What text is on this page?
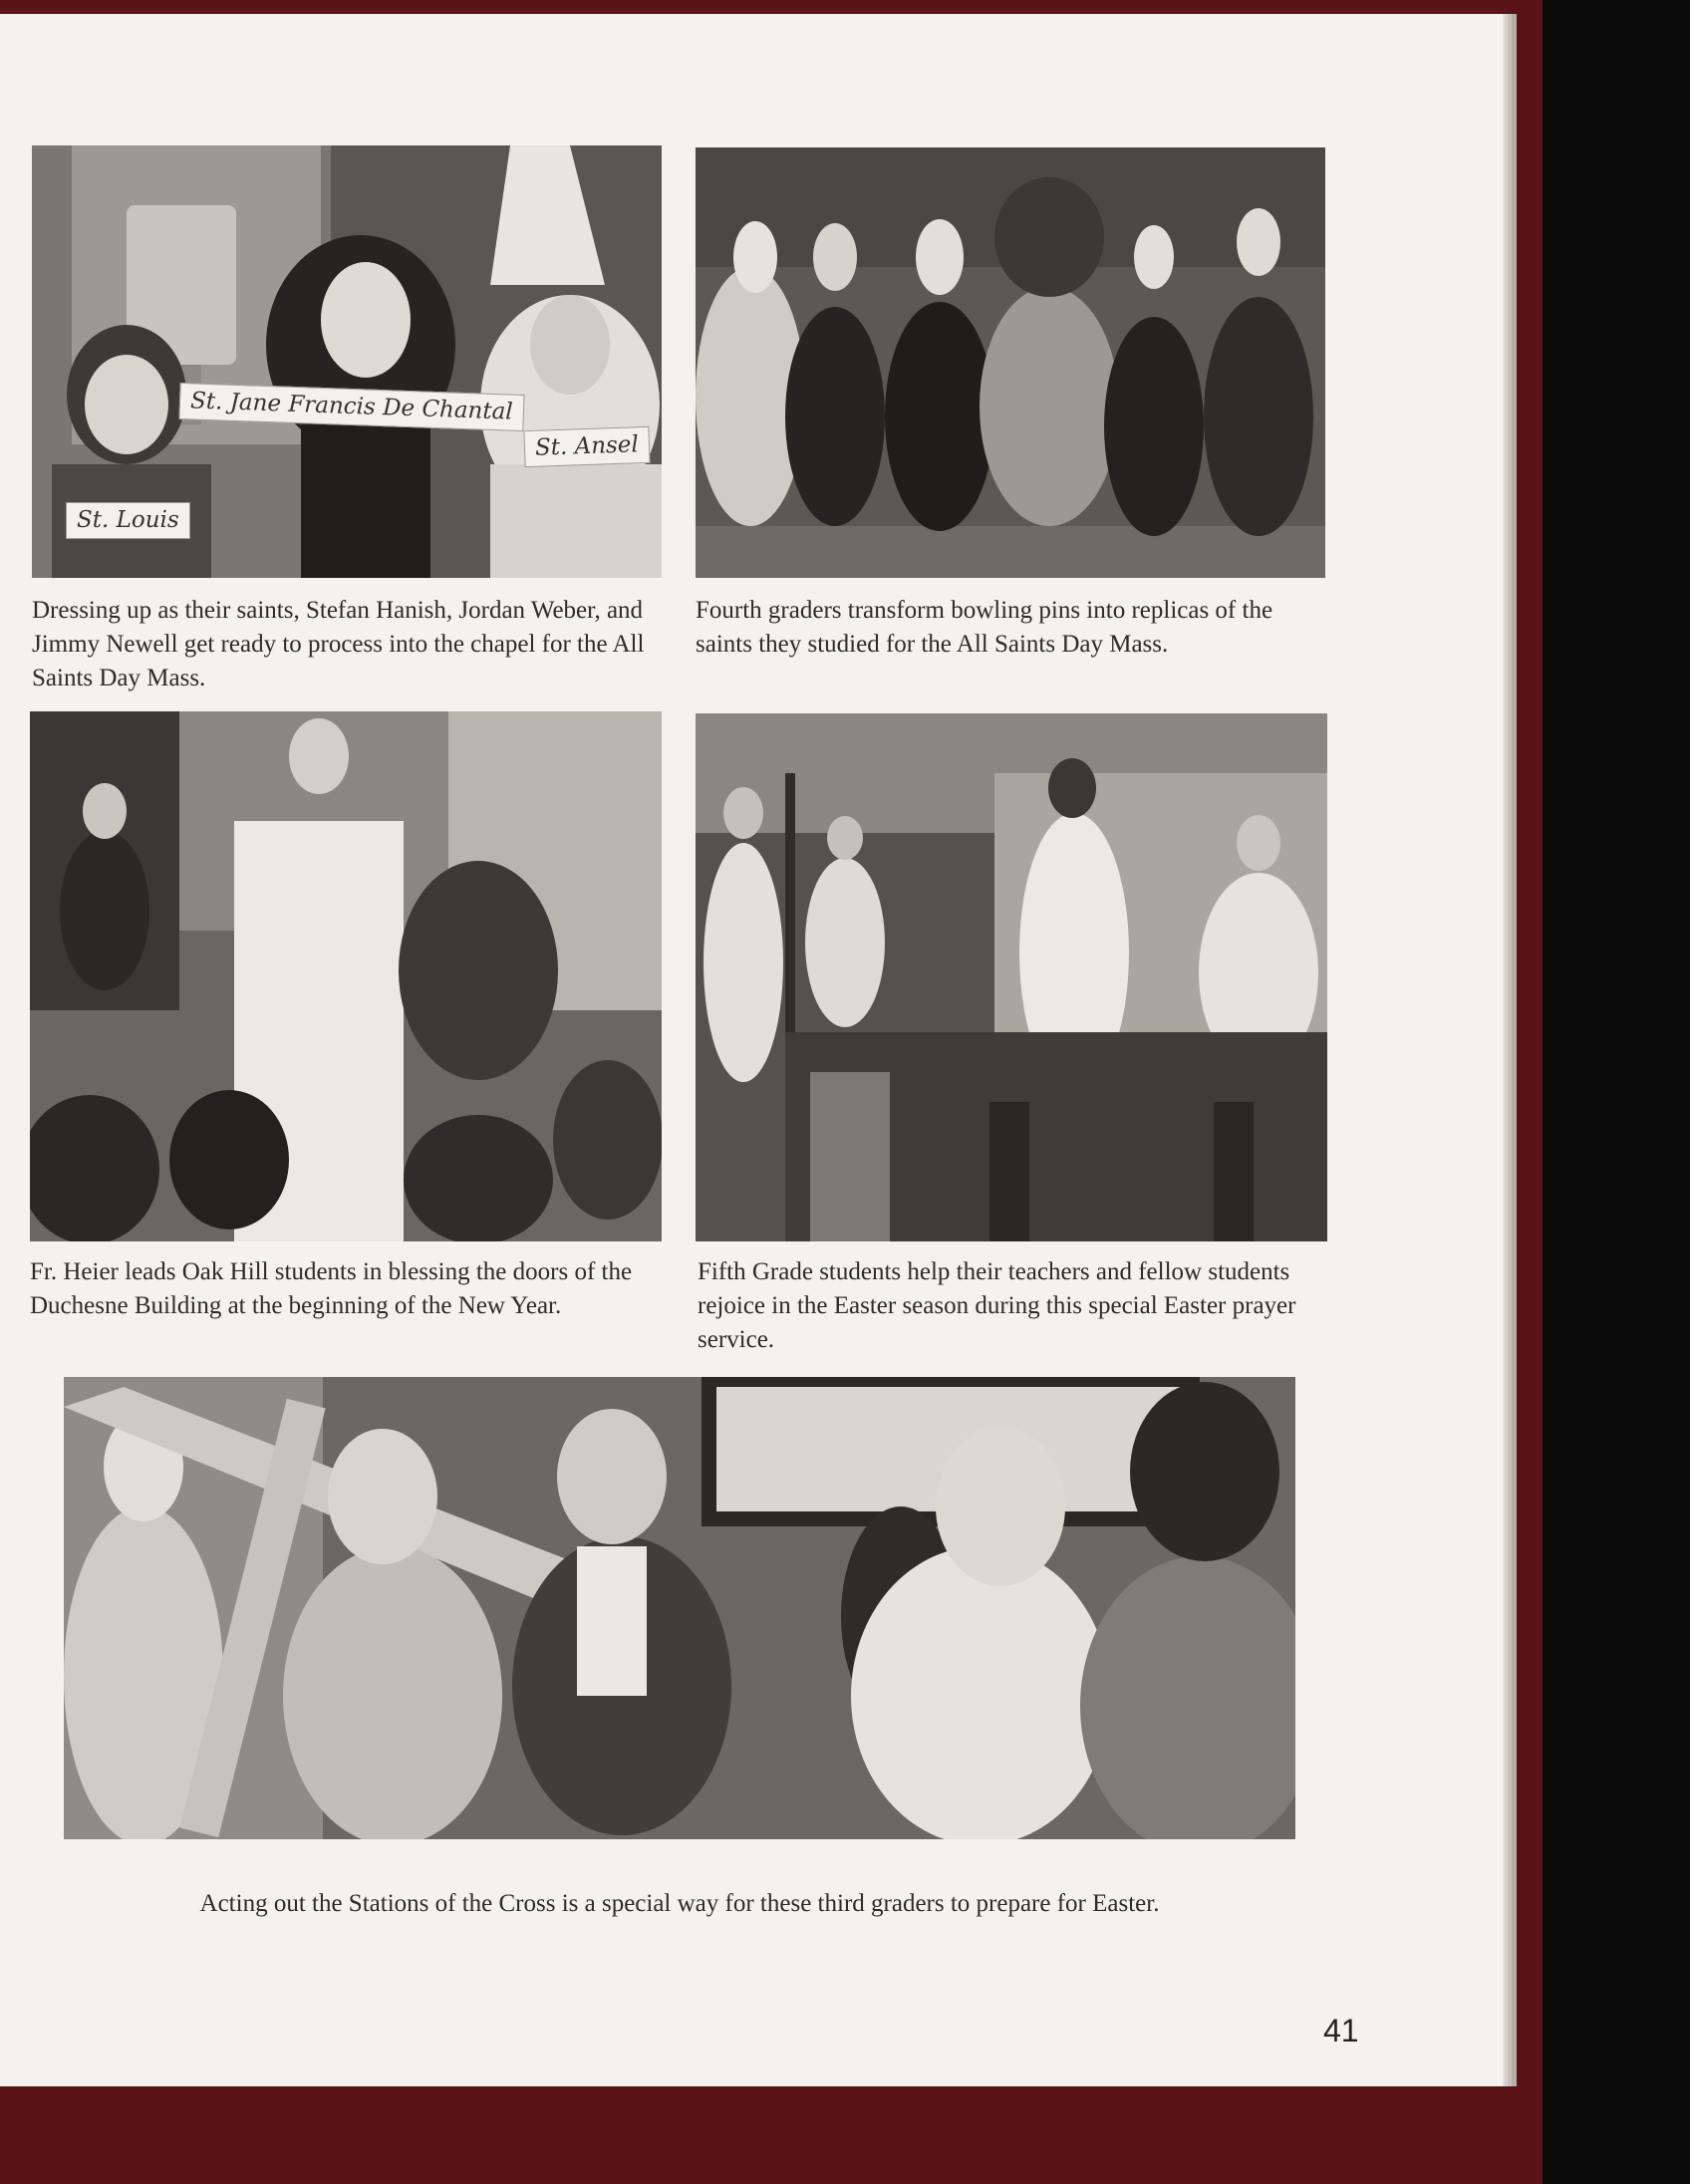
St. Jane Francis De Chantal
St. Ansel
St. Louis
Dressing up as their saints, Stefan Hanish, Jordan Weber, and Jimmy Newell get ready to process into the chapel for the All Saints Day Mass.
Fourth graders transform bowling pins into replicas of the saints they studied for the All Saints Day Mass.
Fr. Heier leads Oak Hill students in blessing the doors of the Duchesne Building at the beginning of the New Year.
Fifth Grade students help their teachers and fellow students rejoice in the Easter season during this special Easter prayer service.
Acting out the Stations of the Cross is a special way for these third graders to prepare for Easter.
41
